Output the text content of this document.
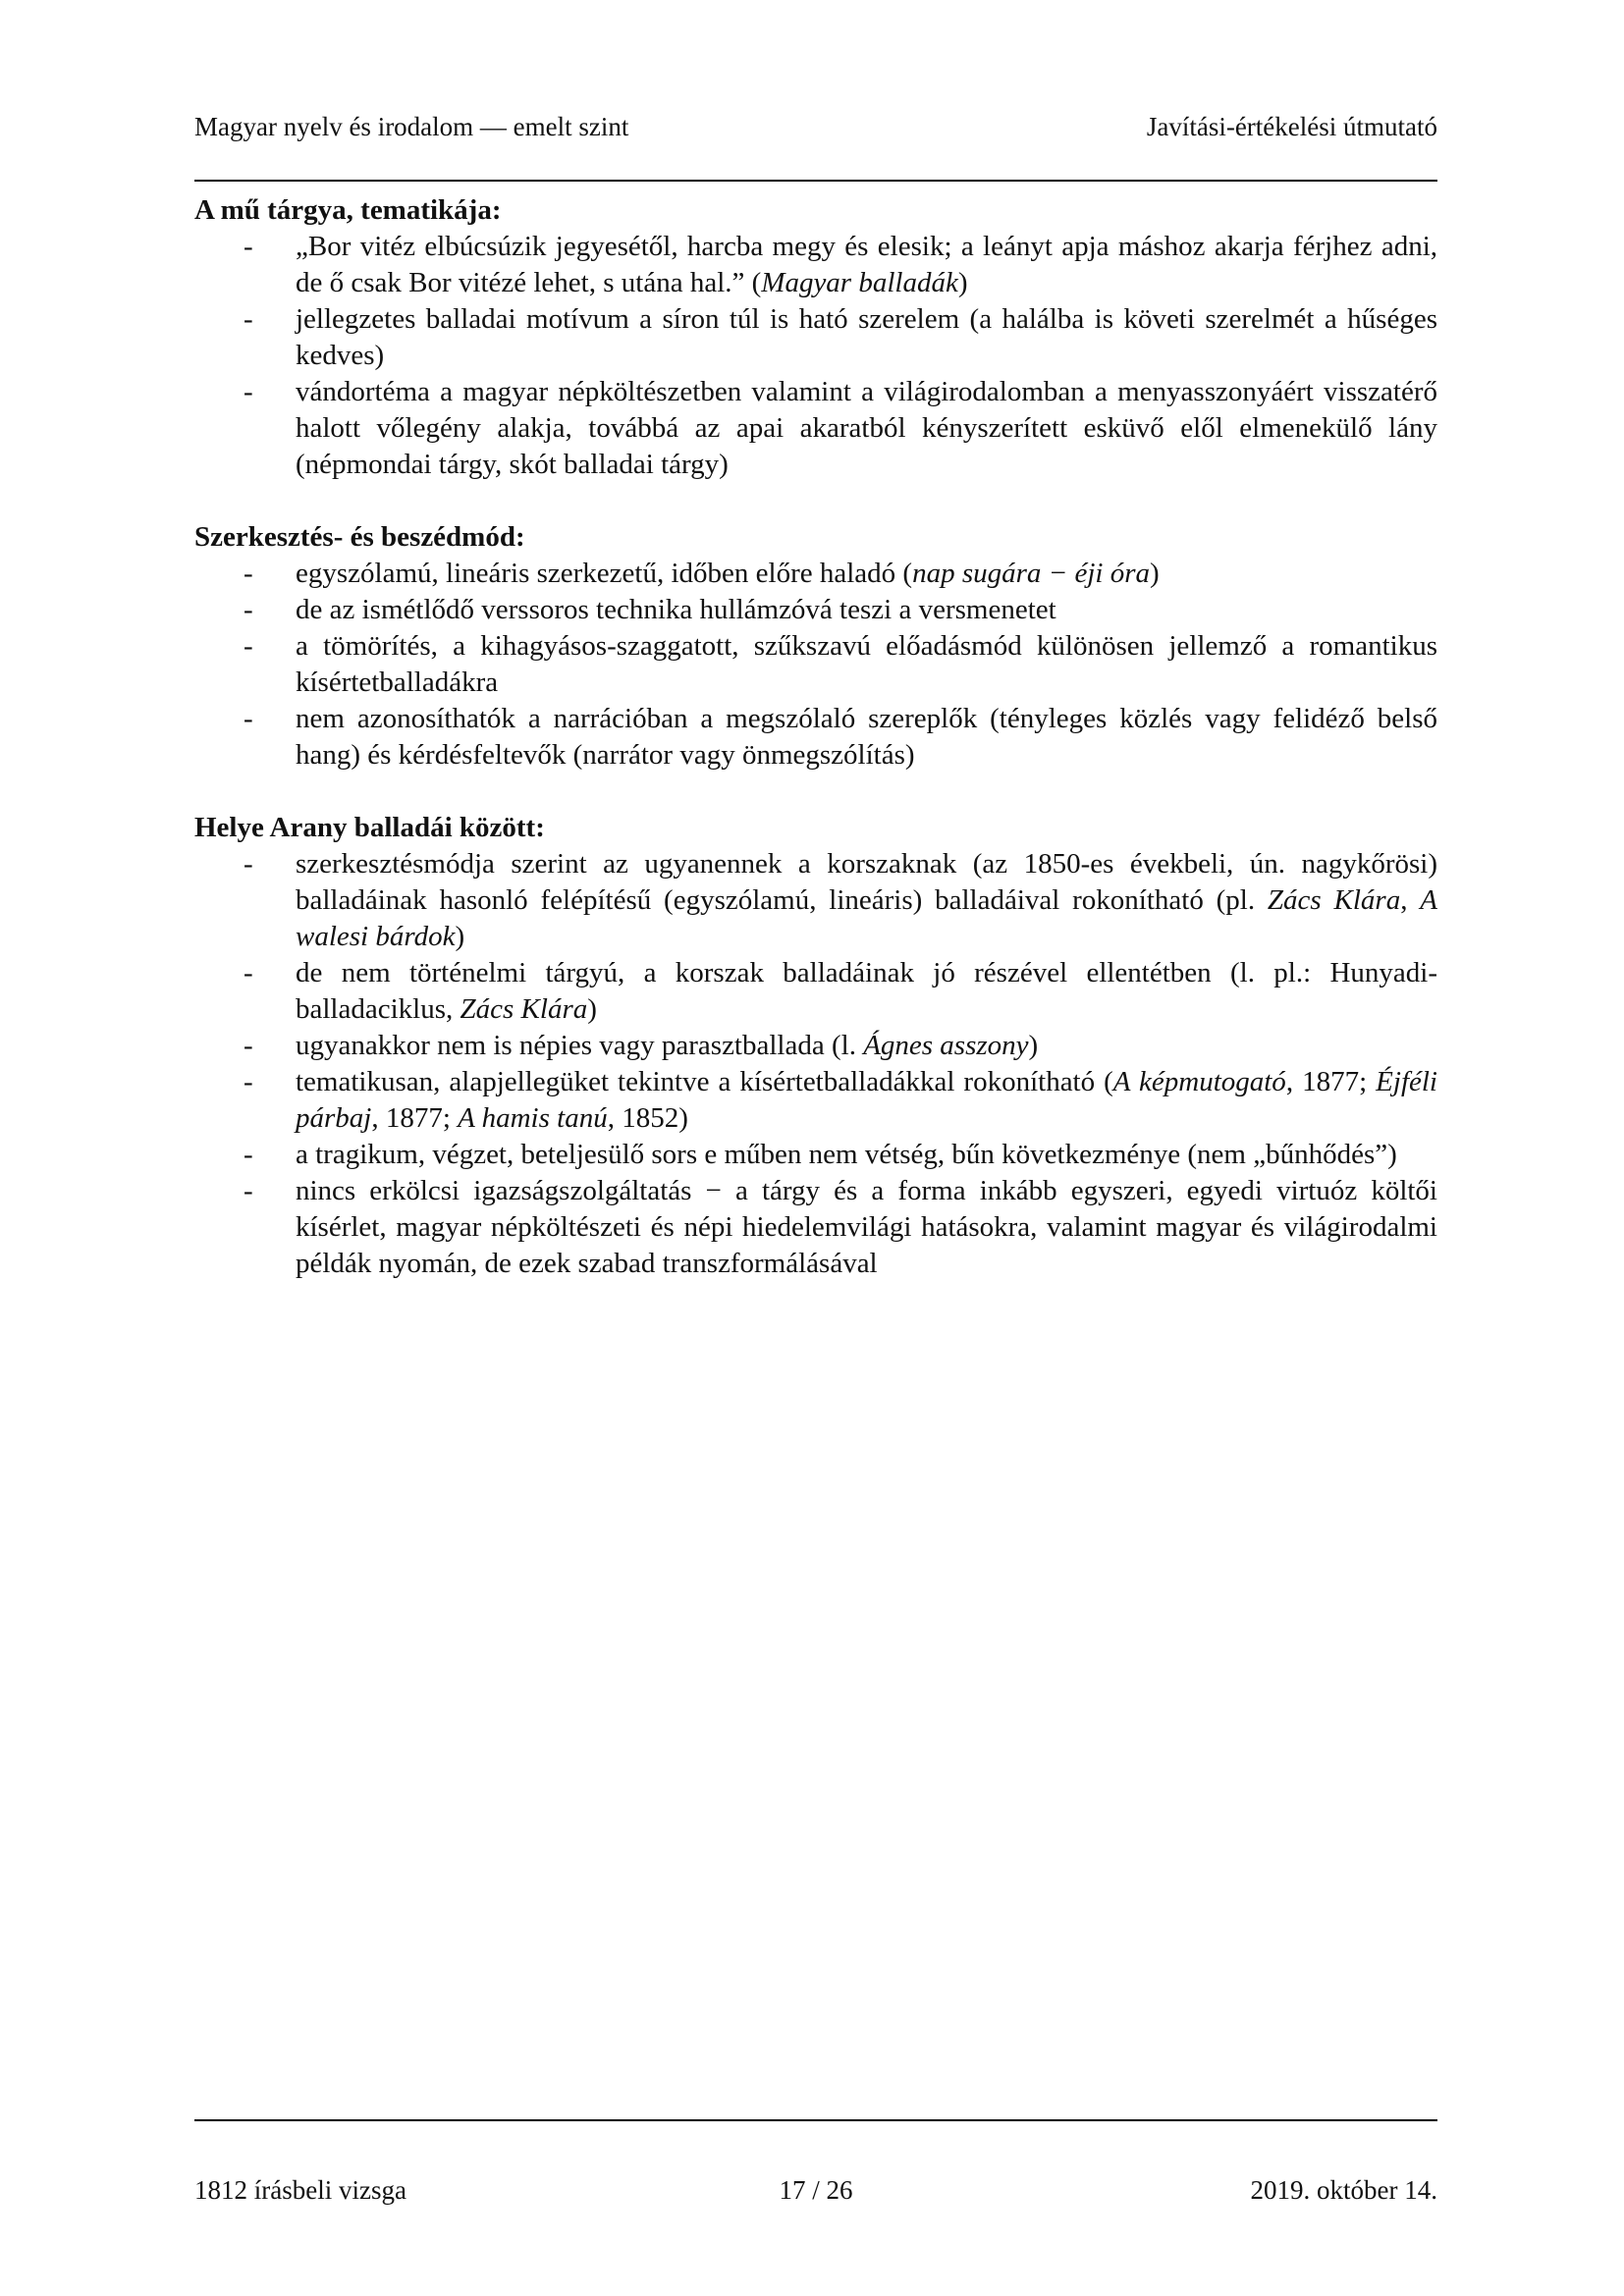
Magyar nyelv és irodalom — emelt szint	Javítási-értékelési útmutató
A mű tárgya, tematikája:
- „Bor vitéz elbúcsúzik jegyesétől, harcba megy és elesik; a leányt apja máshoz akarja férjhez adni, de ő csak Bor vitézé lehet, s utána hal.” (Magyar balladák)
- jellegzetes balladai motívum a síron túl is ható szerelem (a halálba is követi szerelmét a hűséges kedves)
- vándortéma a magyar népköltészetben valamint a világirodalomban a menyasszonyáért visszatérő halott vőlegény alakja, továbbá az apai akaratból kényszerített esküvő elől elmenekülő lány (népmondai tárgy, skót balladai tárgy)
Szerkesztés- és beszédmód:
- egyszólamú, lineáris szerkezetű, időben előre haladó (nap sugára − éji óra)
- de az ismétlődő verssoros technika hullámzóvá teszi a versmenetet
- a tömörítés, a kihagyásos-szaggatott, szűkszavú előadásmód különösen jellemző a romantikus kísértetballadákra
- nem azonosíthatók a narrációban a megszólaló szereplők (tényleges közlés vagy felidéző belső hang) és kérdésfeltevők (narrátor vagy önmegszólítás)
Helye Arany balladái között:
- szerkesztésmódja szerint az ugyanennek a korszaknak (az 1850-es évekbeli, ún. nagykőrösi) balladáinak hasonló felépítésű (egyszólamú, lineáris) balladáival rokonítható (pl. Zács Klára, A walesi bárdok)
- de nem történelmi tárgyú, a korszak balladáinak jó részével ellentétben (l. pl.: Hunyadi-balladaciklus, Zács Klára)
- ugyanakkor nem is népies vagy parasztballada (l. Ágnes asszony)
- tematikusan, alapjellegüket tekintve a kísértetballadákkal rokonítható (A képmutogató, 1877; Éjféli párbaj, 1877; A hamis tanú, 1852)
- a tragikum, végzet, beteljesülő sors e műben nem vétség, bűn következménye (nem „bűnhődés”)
- nincs erkölcsi igazságszolgáltatás − a tárgy és a forma inkább egyszeri, egyedi virtuóz költői kísérlet, magyar népköltészeti és népi hiedelemvilági hatásokra, valamint magyar és világirodalmi példák nyomán, de ezek szabad transzformálásával
1812 írásbeli vizsga	17 / 26	2019. október 14.
